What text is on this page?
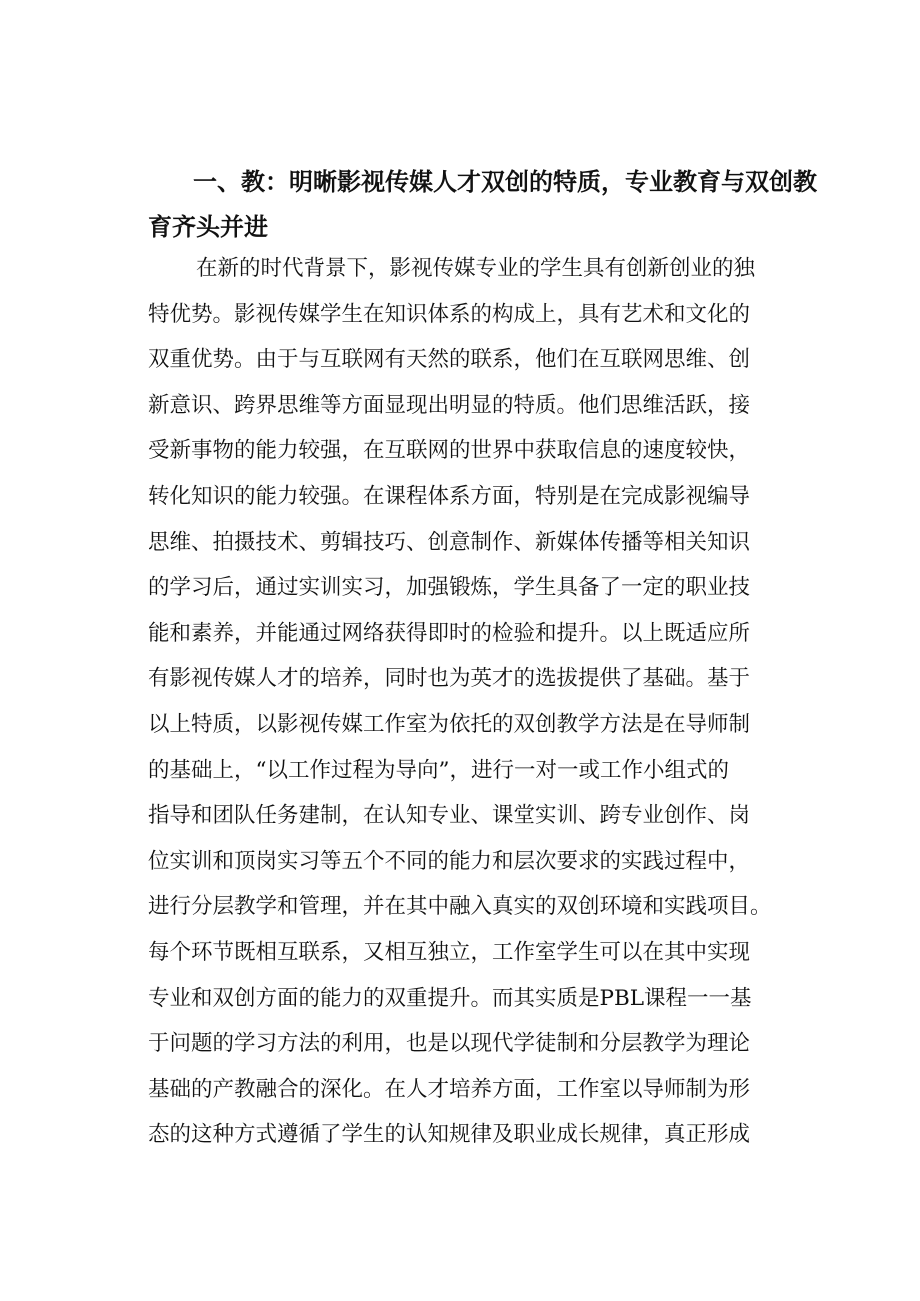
一、教：明晰影视传媒人才双创的特质，专业教育与双创教
育齐头并进
在新的时代背景下，影视传媒专业的学生具有创新创业的独
特优势。影视传媒学生在知识体系的构成上，具有艺术和文化的
双重优势。由于与互联网有天然的联系，他们在互联网思维、创
新意识、跨界思维等方面显现出明显的特质。他们思维活跃，接
受新事物的能力较强，在互联网的世界中获取信息的速度较快，
转化知识的能力较强。在课程体系方面，特别是在完成影视编导
思维、拍摄技术、剪辑技巧、创意制作、新媒体传播等相关知识
的学习后，通过实训实习，加强锻炼，学生具备了一定的职业技
能和素养，并能通过网络获得即时的检验和提升。以上既适应所
有影视传媒人才的培养，同时也为英才的选拔提供了基础。基于
以上特质，以影视传媒工作室为依托的双创教学方法是在导师制
的基础上，“以工作过程为导向”，进行一对一或工作小组式的
指导和团队任务建制，在认知专业、课堂实训、跨专业创作、岗
位实训和顶岗实习等五个不同的能力和层次要求的实践过程中，
进行分层教学和管理，并在其中融入真实的双创环境和实践项目。
每个环节既相互联系，又相互独立，工作室学生可以在其中实现
专业和双创方面的能力的双重提升。而其实质是PBL课程一一基
于问题的学习方法的利用，也是以现代学徒制和分层教学为理论
基础的产教融合的深化。在人才培养方面，工作室以导师制为形
态的这种方式遵循了学生的认知规律及职业成长规律，真正形成
